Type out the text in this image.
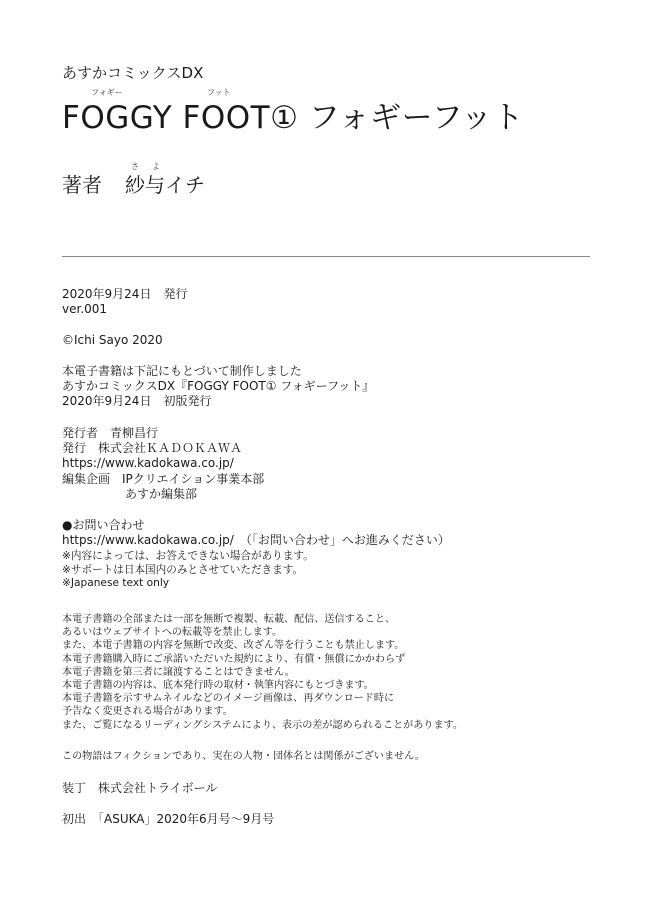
あすかコミックスDX
フォギー	フット
FOGGY FOOT① フォギーフット
さ よ
著者 紗与イチ
2020年9月24日　発行
ver.001
©Ichi Sayo 2020
本電子書籍は下記にもとづいて制作しました
あすかコミックスDX『FOGGY FOOT① フォギーフット』
2020年9月24日　初版発行
発行者　青柳昌行
発行　株式会社ＫＡＤＯＫＡＷＡ
https://www.kadokawa.co.jp/
編集企画　IPクリエイション事業本部
あすか編集部
●お問い合わせ
https://www.kadokawa.co.jp/　（「お問い合わせ」へお進みください）
※内容によっては、お答えできない場合があります。
※サポートは日本国内のみとさせていただきます。
※Japanese text only
本電子書籍の全部または一部を無断で複製、転載、配信、送信すること、
あるいはウェブサイトへの転載等を禁止します。
また、本電子書籍の内容を無断で改変、改ざん等を行うことも禁止します。
本電子書籍購入時にご承諾いただいた規約により、有償・無償にかかわらず
本電子書籍を第三者に譲渡することはできません。
本電子書籍の内容は、底本発行時の取材・執筆内容にもとづきます。
本電子書籍を示すサムネイルなどのイメージ画像は、再ダウンロード時に
予告なく変更される場合があります。
また、ご覧になるリーディングシステムにより、表示の差が認められることがあります。
この物語はフィクションであり、実在の人物・団体名とは関係がございません。
装丁　株式会社トライボール
初出　「ASUKA」2020年6月号～9月号
